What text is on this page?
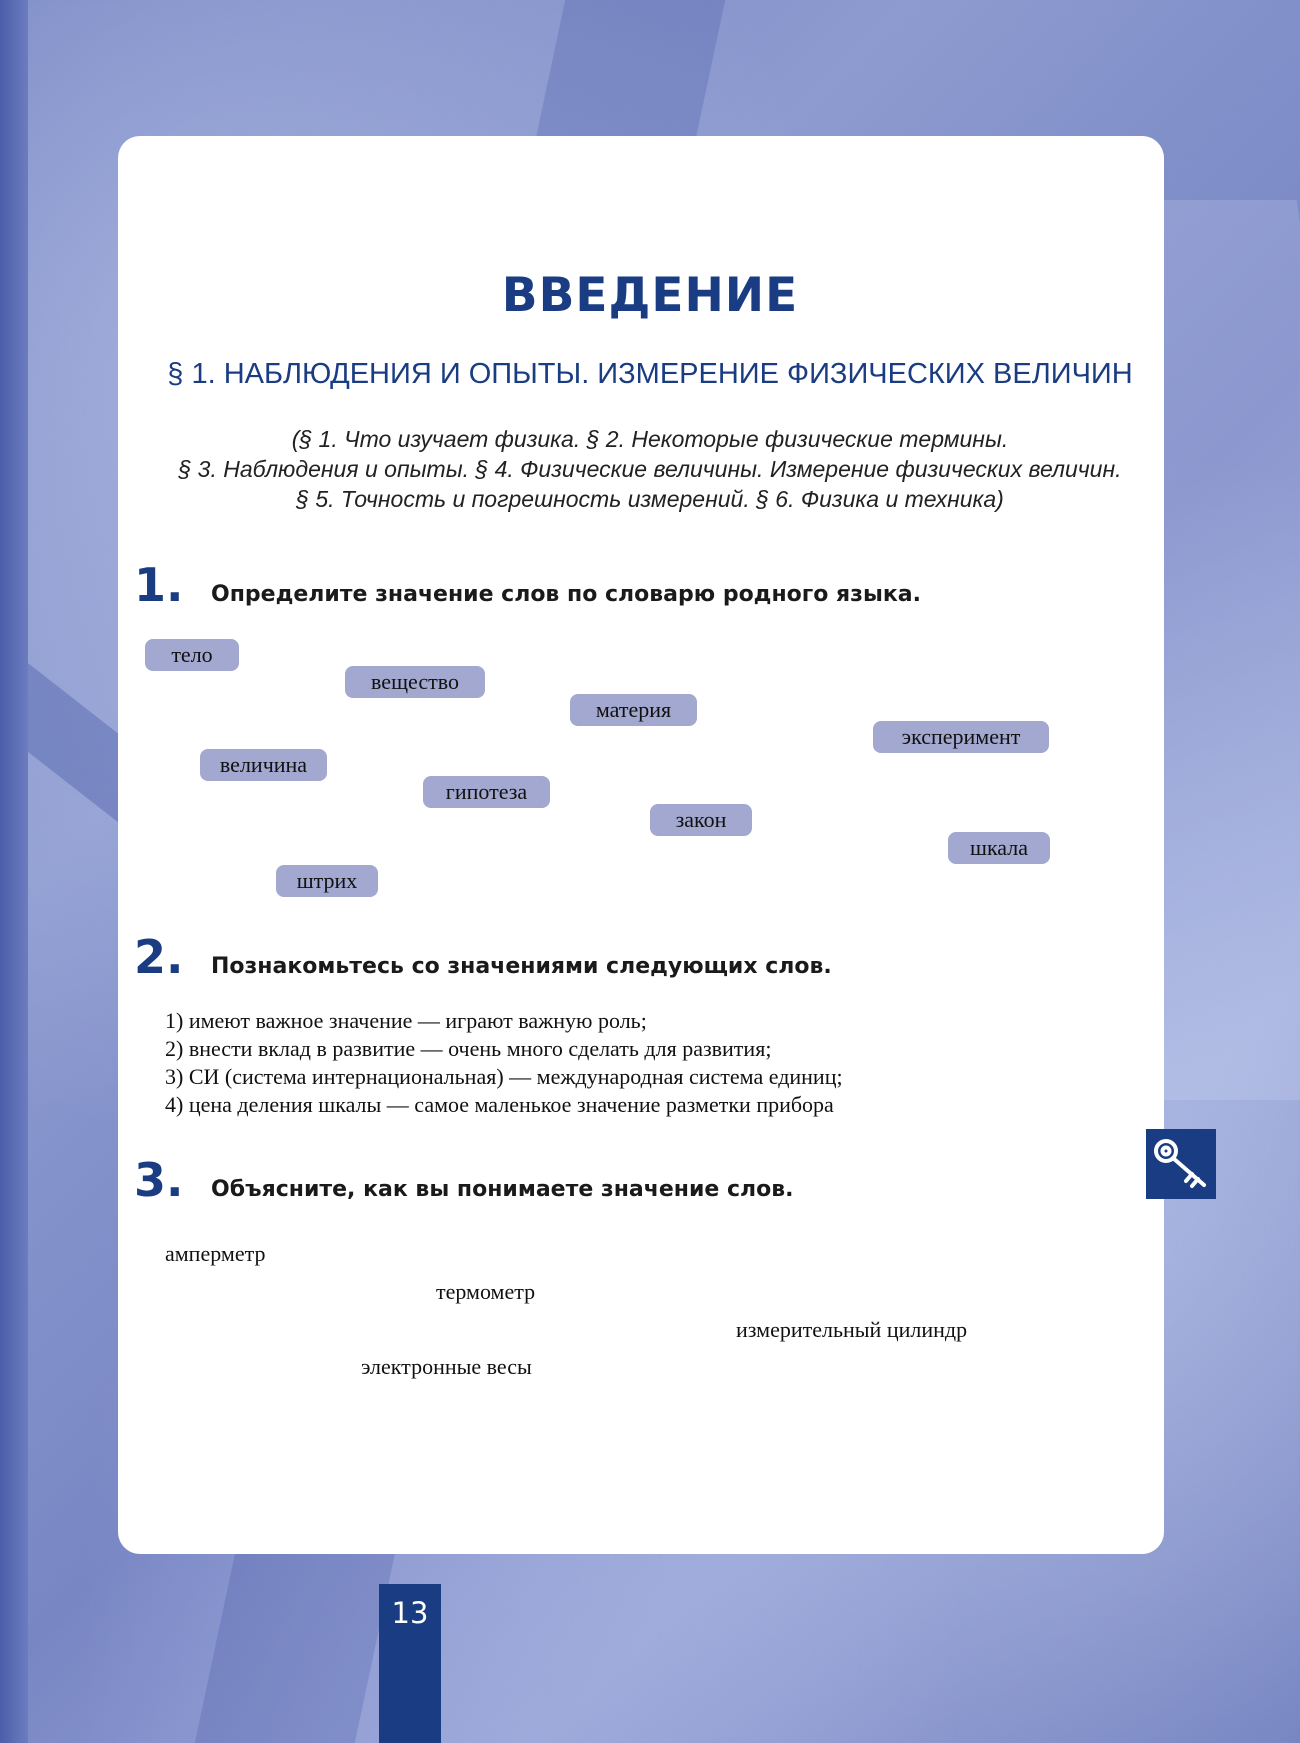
ВВЕДЕНИЕ
§ 1. НАБЛЮДЕНИЯ И ОПЫТЫ. ИЗМЕРЕНИЕ ФИЗИЧЕСКИХ ВЕЛИЧИН
(§ 1. Что изучает физика. § 2. Некоторые физические термины.
§ 3. Наблюдения и опыты. § 4. Физические величины. Измерение физических величин.
§ 5. Точность и погрешность измерений. § 6. Физика и техника)
1. Определите значение слов по словарю родного языка.
тело
вещество
материя
эксперимент
величина
гипотеза
закон
шкала
штрих
2. Познакомьтесь со значениями следующих слов.
1) имеют важное значение — играют важную роль;
2) внести вклад в развитие — очень много сделать для развития;
3) СИ (система интернациональная) — международная система единиц;
4) цена деления шкалы — самое маленькое значение разметки прибора
3. Объясните, как вы понимаете значение слов.
амперметр
термометр
измерительный цилиндр
электронные весы
13
